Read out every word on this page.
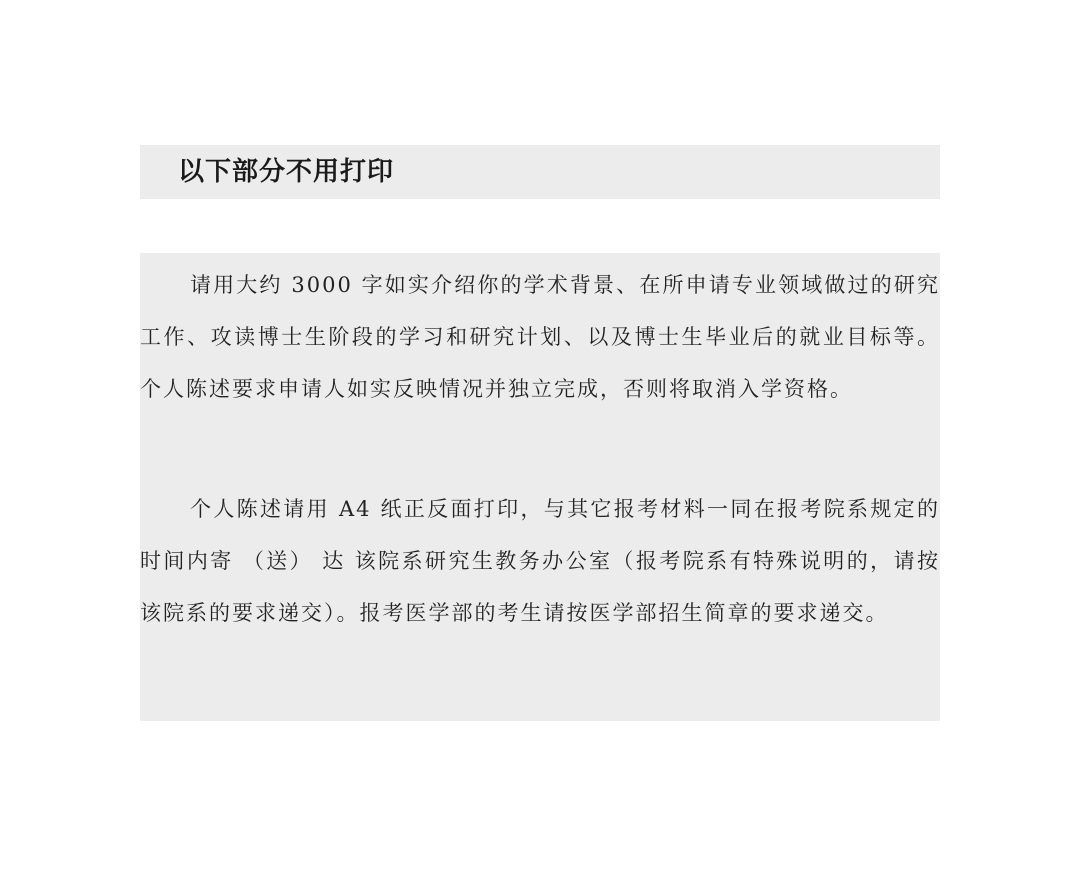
以下部分不用打印

请用大约 3000 字如实介绍你的学术背景、在所申请专业领域做过的研究工作、攻读博士生阶段的学习和研究计划、以及博士生毕业后的就业目标等。个人陈述要求申请人如实反映情况并独立完成，否则将取消入学资格。

个人陈述请用 A4 纸正反面打印，与其它报考材料一同在报考院系规定的时间内寄 （送） 达 该院系研究生教务办公室（报考院系有特殊说明的，请按该院系的要求递交）。报考医学部的考生请按医学部招生简章的要求递交。
